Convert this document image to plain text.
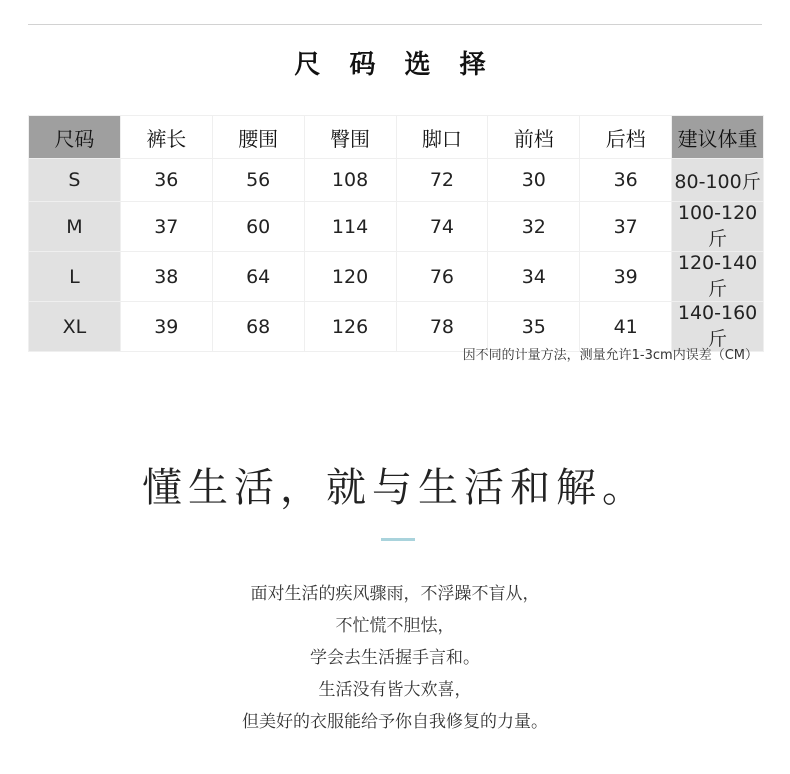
尺 码 选 择
尺码	裤长	腰围	臀围	脚口	前档	后档	建议体重
S	36	56	108	72	30	36	80-100斤
M	37	60	114	74	32	37	100-120斤
L	38	64	120	76	34	39	120-140斤
XL	39	68	126	78	35	41	140-160斤
因不同的计量方法，测量允许1-3cm内误差（CM）
懂生活，就与生活和解。
面对生活的疾风骤雨，不浮躁不盲从，
不忙慌不胆怯，
学会去生活握手言和。
生活没有皆大欢喜，
但美好的衣服能给予你自我修复的力量。
